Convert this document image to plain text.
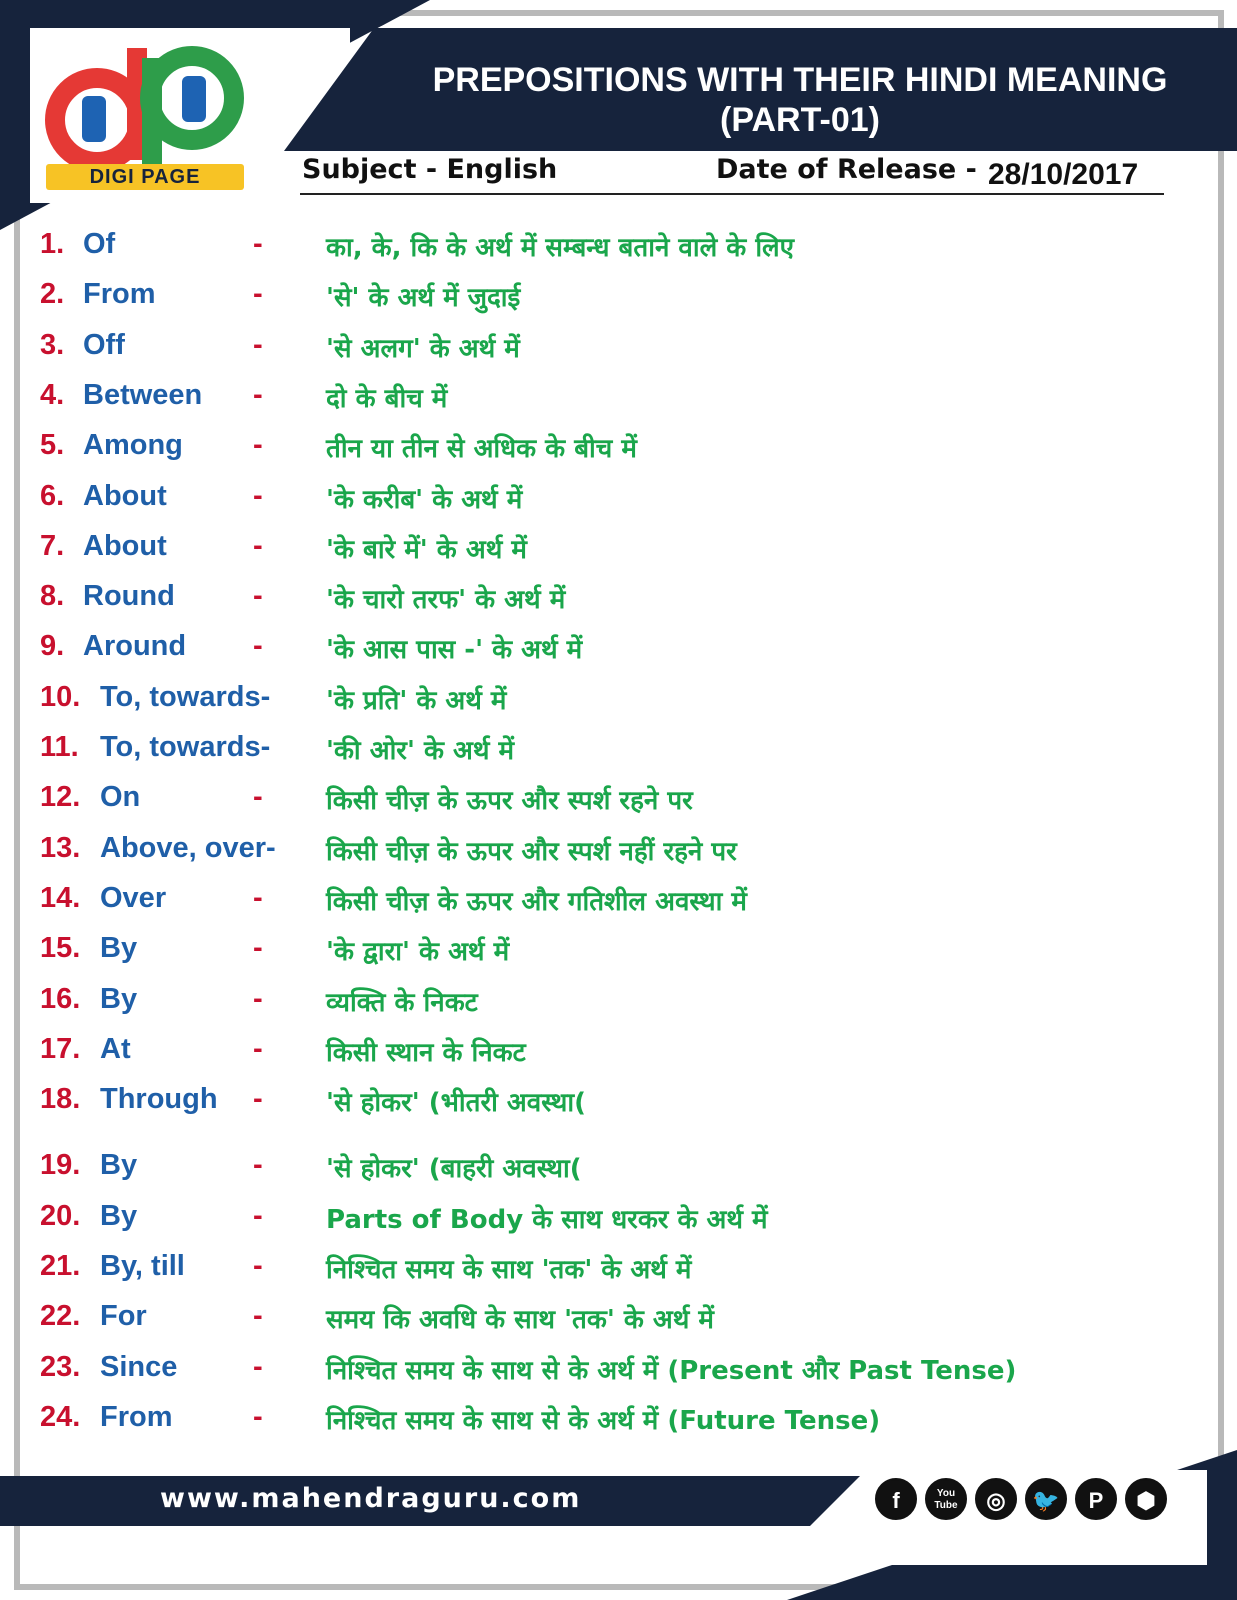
PREPOSITIONS WITH THEIR HINDI MEANING
(PART-01)
DIGI PAGE	Subject - English	Date of Release - 28/10/2017
1. Of	- का, के, कि के अर्थ में सम्बन्ध बताने वाले के लिए
2. From	- 'से' के अर्थ में जुदाई
3. Off	- 'से अलग' के अर्थ में
4. Between - दो के बीच में
5. Among - तीन या तीन से अधिक के बीच में
6. About	- 'के करीब' के अर्थ में
7. About	- 'के बारे में' के अर्थ में
8. Round	- 'के चारो तरफ' के अर्थ में
9. Around - 'के आस पास -' के अर्थ में
10. To, towards- 'के प्रति' के अर्थ में
11. To, towards- 'की ओर' के अर्थ में
12. On	- किसी चीज़ के ऊपर और स्पर्श रहने पर
13. Above, over- किसी चीज़ के ऊपर और स्पर्श नहीं रहने पर
14. Over	- किसी चीज़ के ऊपर और गतिशील अवस्था में
15. By	- 'के द्वारा' के अर्थ में
16. By	- व्यक्ति के निकट
17. At	- किसी स्थान के निकट
18. Through - 'से होकर' (भीतरी अवस्था(
19. By	- 'से होकर' (बाहरी अवस्था(
20. By	- Parts of Body के साथ धरकर के अर्थ में
21. By, till - निश्चित समय के साथ 'तक' के अर्थ में
22. For	- समय कि अवधि के साथ 'तक' के अर्थ में
23. Since	- निश्चित समय के साथ से के अर्थ में (Present और Past Tense)
24. From	- निश्चित समय के साथ से के अर्थ में (Future Tense)
www.mahendraguru.com	f	You Tube	◎	🐦	P	⬢
